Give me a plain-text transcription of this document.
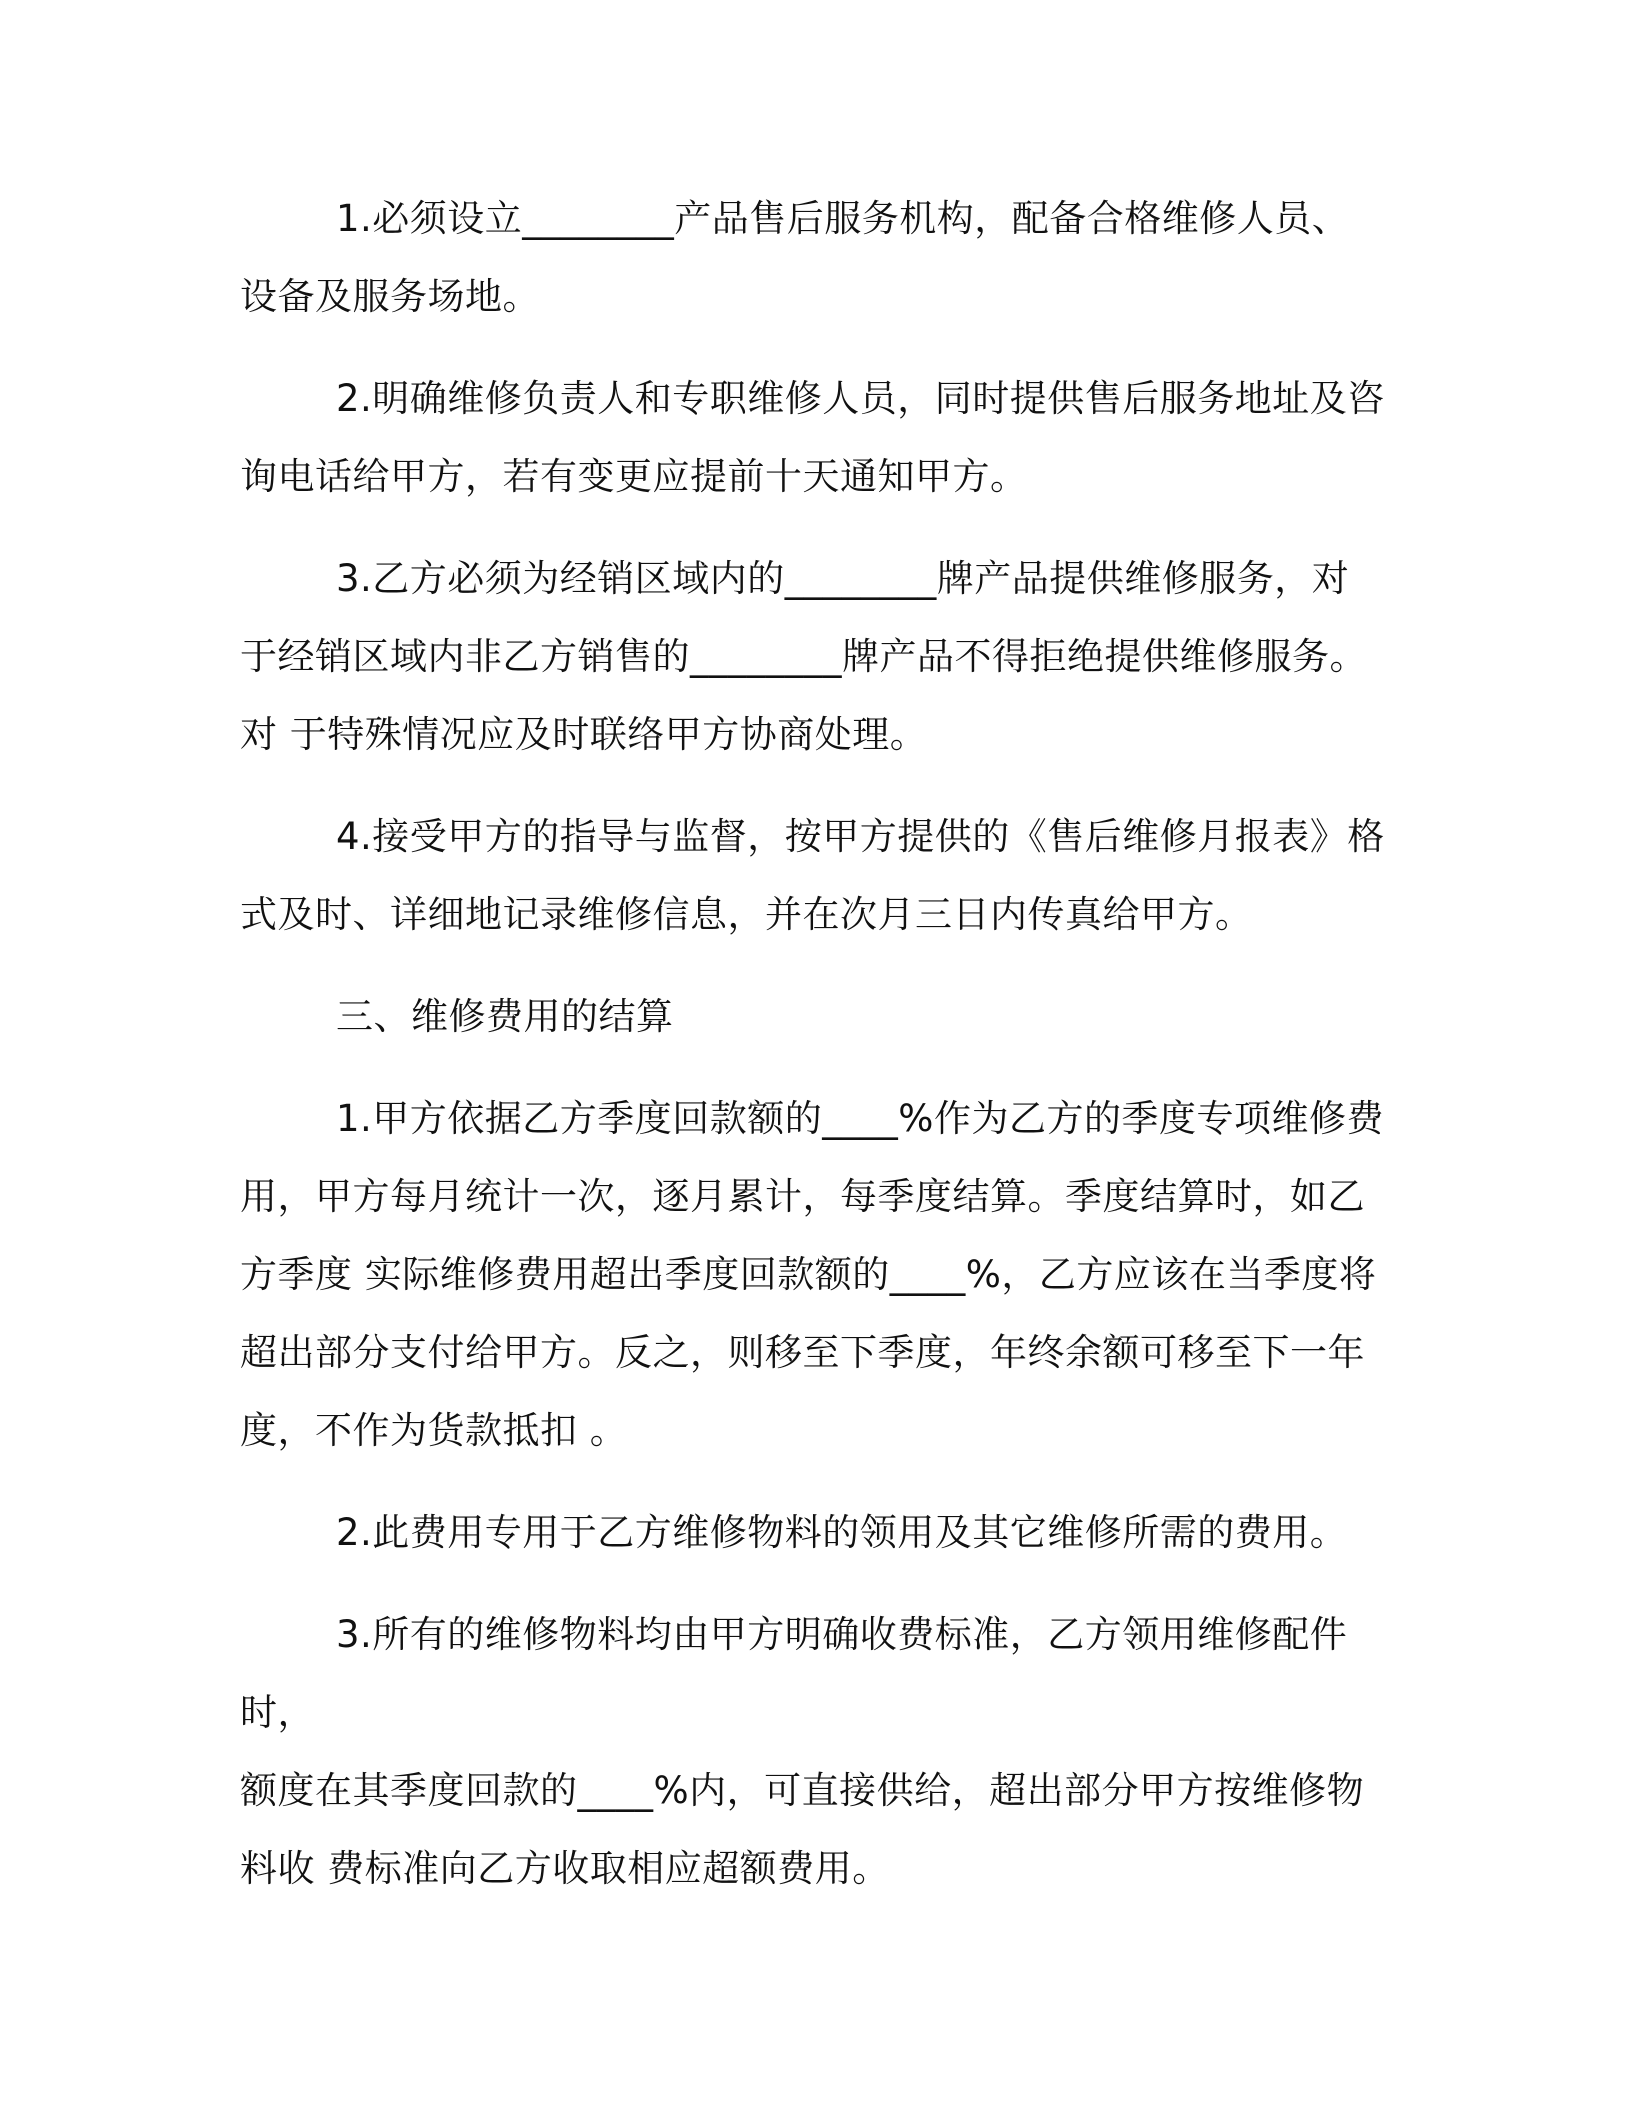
1.必须设立________产品售后服务机构，配备合格维修人员、
设备及服务场地。
2.明确维修负责人和专职维修人员，同时提供售后服务地址及咨
询电话给甲方，若有变更应提前十天通知甲方。
3.乙方必须为经销区域内的________牌产品提供维修服务，对
于经销区域内非乙方销售的________牌产品不得拒绝提供维修服务。
对 于特殊情况应及时联络甲方协商处理。
4.接受甲方的指导与监督，按甲方提供的《售后维修月报表》格
式及时、详细地记录维修信息，并在次月三日内传真给甲方。
三、维修费用的结算
1.甲方依据乙方季度回款额的____%作为乙方的季度专项维修费
用，甲方每月统计一次，逐月累计，每季度结算。季度结算时，如乙
方季度 实际维修费用超出季度回款额的____%，乙方应该在当季度将
超出部分支付给甲方。反之，则移至下季度，年终余额可移至下一年
度，不作为货款抵扣 。
2.此费用专用于乙方维修物料的领用及其它维修所需的费用。
3.所有的维修物料均由甲方明确收费标准，乙方领用维修配件时，
额度在其季度回款的____%内，可直接供给，超出部分甲方按维修物
料收 费标准向乙方收取相应超额费用。
